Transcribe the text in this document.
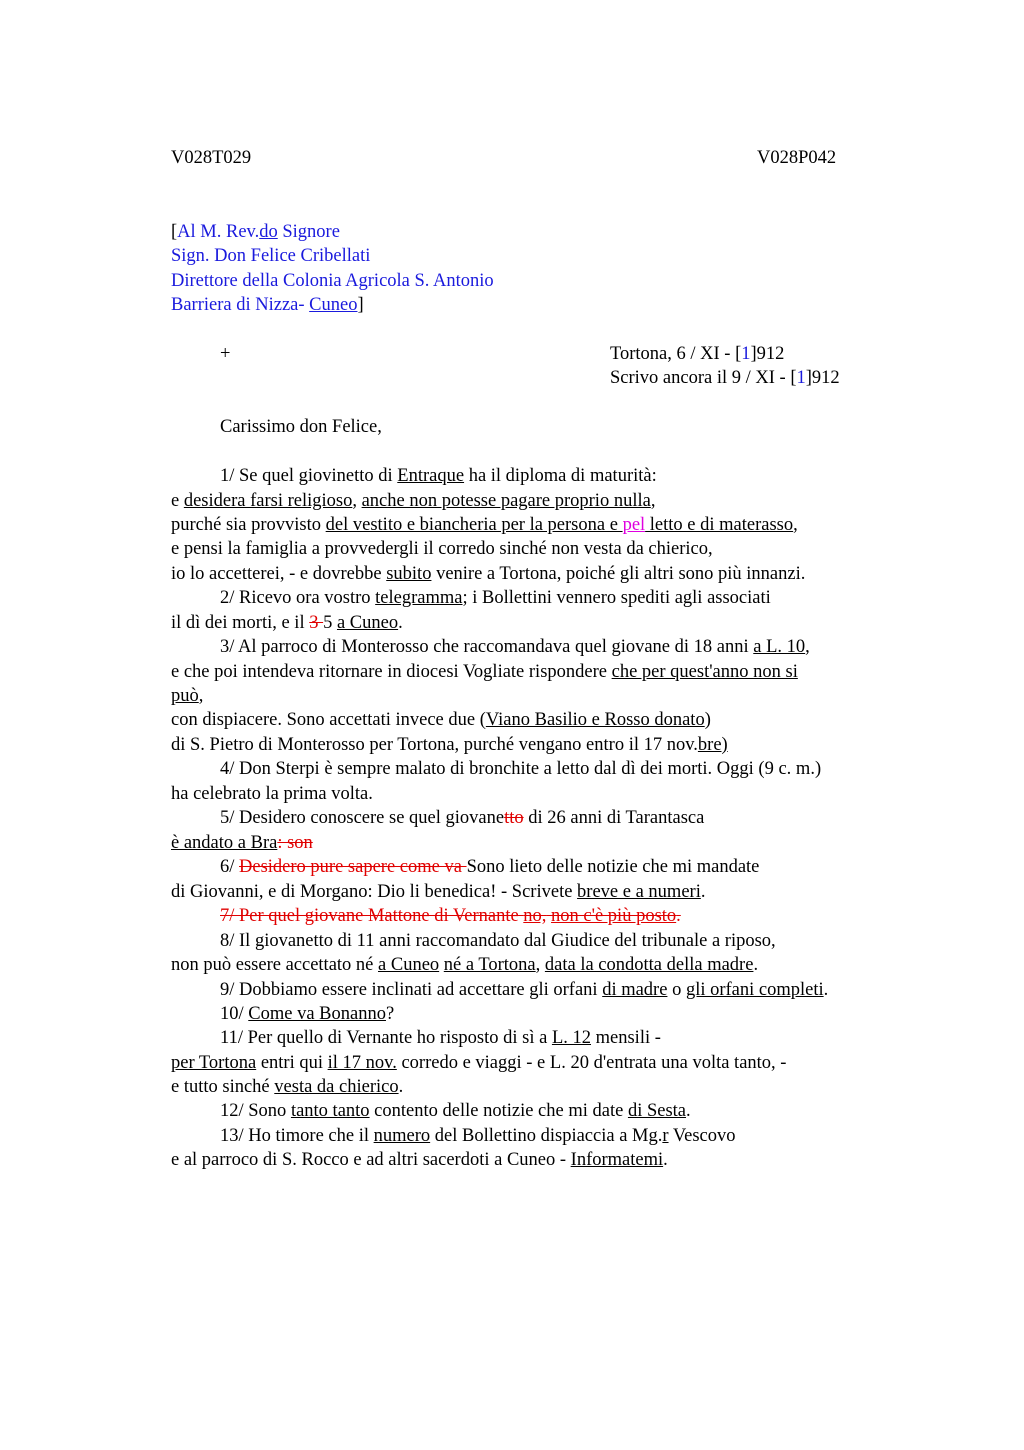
V028T029	V028P042
[Al M. Rev.do Signore
Sign. Don Felice Cribellati
Direttore della Colonia Agricola S. Antonio
Barriera di Nizza- Cuneo]
+	Tortona, 6 / XI - [1]912
Scrivo ancora il 9 / XI - [1]912
Carissimo don Felice,
1/ Se quel giovinetto di Entraque ha il diploma di maturità:
e desidera farsi religioso, anche non potesse pagare proprio nulla,
purché sia provvisto del vestito e biancheria per la persona e pel letto e di materasso,
e pensi la famiglia a provvedergli il corredo sinché non vesta da chierico,
io lo accetterei, - e dovrebbe subito venire a Tortona, poiché gli altri sono più innanzi.
2/ Ricevo ora vostro telegramma; i Bollettini vennero spediti agli associati
il dì dei morti, e il 3 5 a Cuneo.
3/ Al parroco di Monterosso che raccomandava quel giovane di 18 anni a L. 10,
e che poi intendeva ritornare in diocesi Vogliate rispondere che per quest'anno non si
può,
con dispiacere. Sono accettati invece due (Viano Basilio e Rosso donato)
di S. Pietro di Monterosso per Tortona, purché vengano entro il 17 nov.bre)
4/ Don Sterpi è sempre malato di bronchite a letto dal dì dei morti. Oggi (9 c. m.)
ha celebrato la prima volta.
5/ Desidero conoscere se quel giovanetto di 26 anni di Tarantasca
è andato a Bra: son
6/ Desidero pure sapere come va Sono lieto delle notizie che mi mandate
di Giovanni, e di Morgano: Dio li benedica! - Scrivete breve e a numeri.
7/ Per quel giovane Mattone di Vernante no, non c'è più posto.
8/ Il giovanetto di 11 anni raccomandato dal Giudice del tribunale a riposo,
non può essere accettato né a Cuneo né a Tortona, data la condotta della madre.
9/ Dobbiamo essere inclinati ad accettare gli orfani di madre o gli orfani completi.
10/ Come va Bonanno?
11/ Per quello di Vernante ho risposto di sì a L. 12 mensili -
per Tortona entri qui il 17 nov. corredo e viaggi - e L. 20 d'entrata una volta tanto, -
e tutto sinché vesta da chierico.
12/ Sono tanto tanto contento delle notizie che mi date di Sesta.
13/ Ho timore che il numero del Bollettino dispiaccia a Mg.r Vescovo
e al parroco di S. Rocco e ad altri sacerdoti a Cuneo - Informatemi.
